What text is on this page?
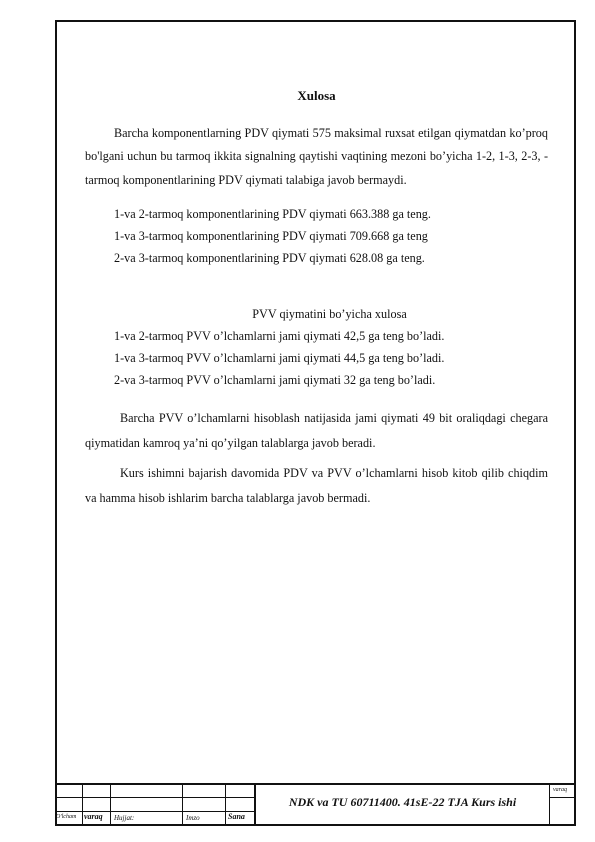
Xulosa

Barcha komponentlarning PDV qiymati 575 maksimal ruxsat etilgan qiymatdan ko’proq bo'lgani uchun bu tarmoq ikkita signalning qaytishi vaqtining mezoni bo’yicha 1-2, 1-3, 2-3, -tarmoq komponentlarining PDV qiymati talabiga javob bermaydi.

1-va 2-tarmoq komponentlarining PDV qiymati 663.388 ga teng.

1-va 3-tarmoq komponentlarining PDV qiymati 709.668 ga teng

2-va 3-tarmoq komponentlarining PDV qiymati 628.08 ga teng.

PVV qiymatini bo’yicha xulosa

1-va 2-tarmoq PVV o’lchamlarni jami qiymati 42,5 ga teng bo’ladi.

1-va 3-tarmoq PVV o’lchamlarni jami qiymati 44,5 ga teng bo’ladi.

2-va 3-tarmoq PVV o’lchamlarni jami qiymati 32 ga teng bo’ladi.

Barcha PVV o’lchamlarni hisoblash natijasida jami qiymati 49 bit oraliqdagi chegara qiymatidan kamroq ya’ni qo’yilgan talablarga javob beradi.

Kurs ishimni bajarish davomida PDV va PVV o’lchamlarni hisob kitob qilib chiqdim va hamma hisob ishlarim barcha talablarga javob bermadi.

O'lcham varaq Hujjat:	Imzo	Sana
NDK va TU 60711400. 41sE-22 TJA Kurs ishi
varaq
